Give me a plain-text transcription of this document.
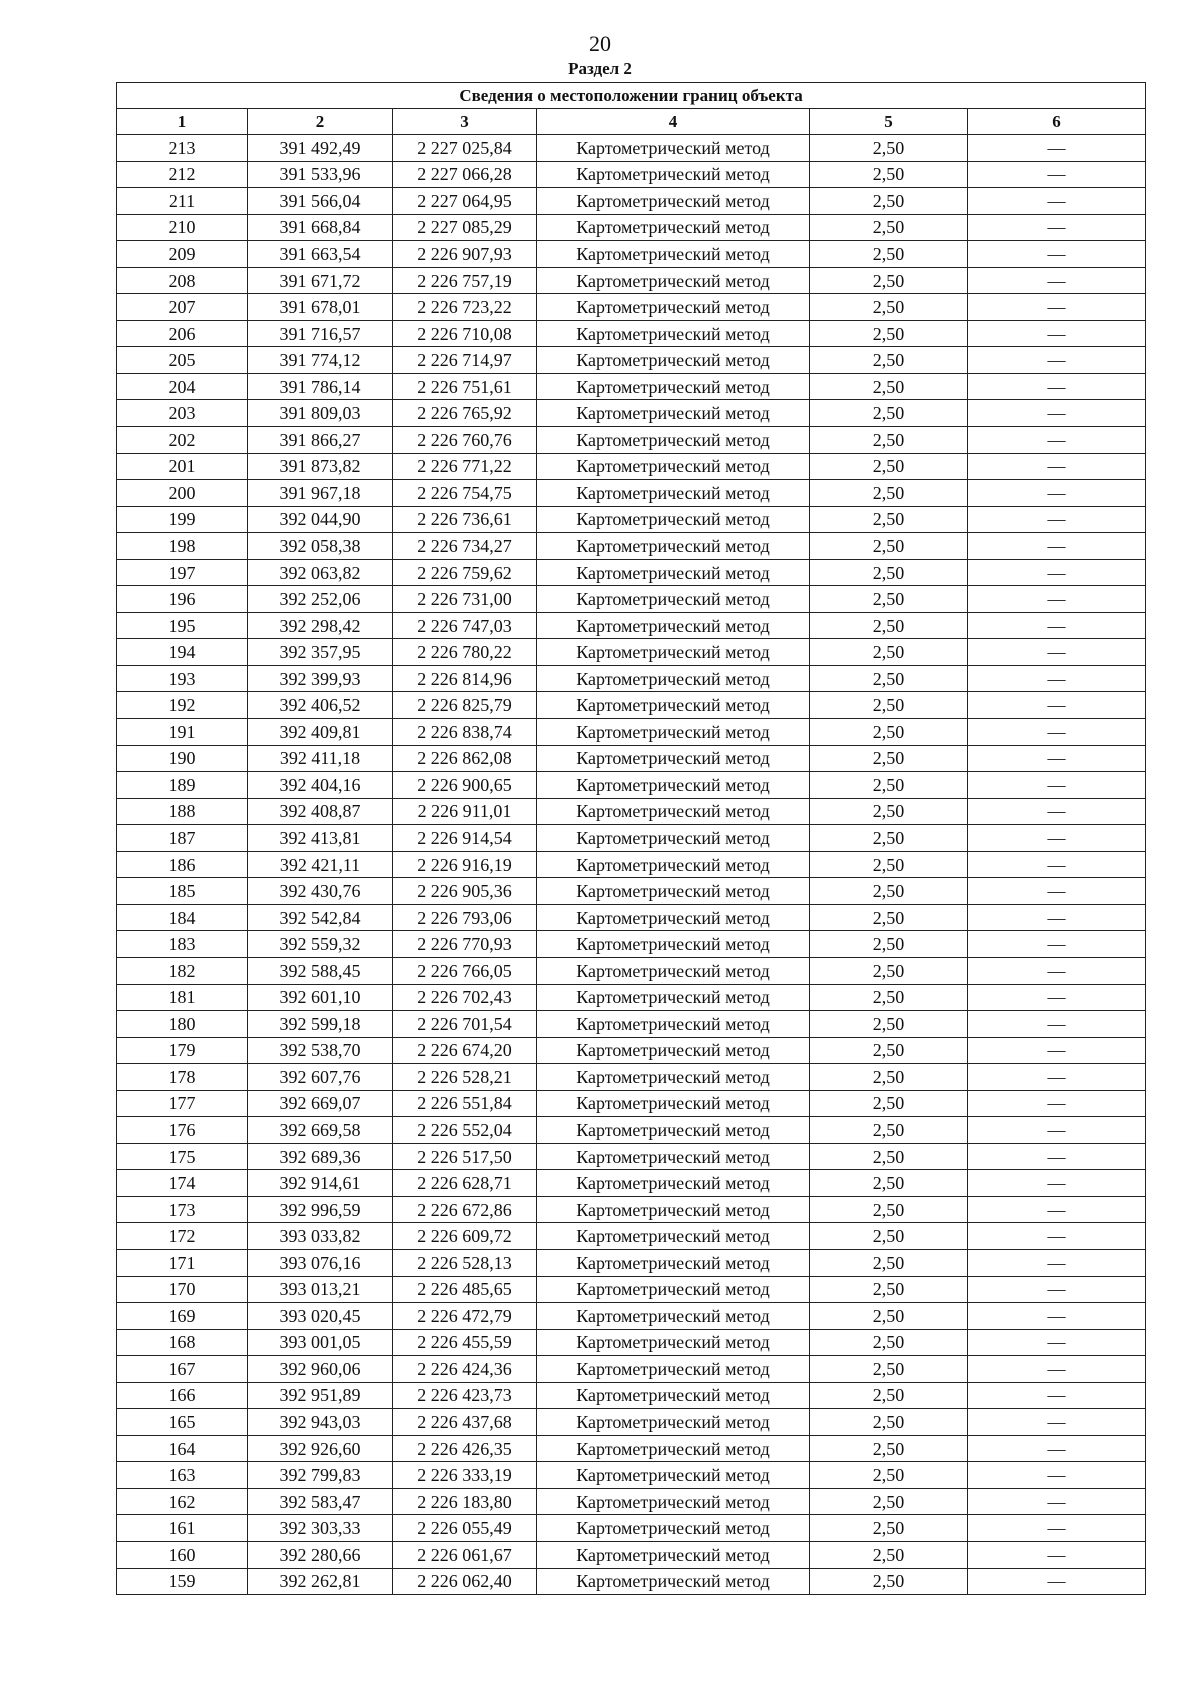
20
Раздел 2
Сведения о местоположении границ объекта					
1	2	3	4	5	6
213	391 492,49	2 227 025,84	Картометрический метод	2,50	—
212	391 533,96	2 227 066,28	Картометрический метод	2,50	—
211	391 566,04	2 227 064,95	Картометрический метод	2,50	—
210	391 668,84	2 227 085,29	Картометрический метод	2,50	—
209	391 663,54	2 226 907,93	Картометрический метод	2,50	—
208	391 671,72	2 226 757,19	Картометрический метод	2,50	—
207	391 678,01	2 226 723,22	Картометрический метод	2,50	—
206	391 716,57	2 226 710,08	Картометрический метод	2,50	—
205	391 774,12	2 226 714,97	Картометрический метод	2,50	—
204	391 786,14	2 226 751,61	Картометрический метод	2,50	—
203	391 809,03	2 226 765,92	Картометрический метод	2,50	—
202	391 866,27	2 226 760,76	Картометрический метод	2,50	—
201	391 873,82	2 226 771,22	Картометрический метод	2,50	—
200	391 967,18	2 226 754,75	Картометрический метод	2,50	—
199	392 044,90	2 226 736,61	Картометрический метод	2,50	—
198	392 058,38	2 226 734,27	Картометрический метод	2,50	—
197	392 063,82	2 226 759,62	Картометрический метод	2,50	—
196	392 252,06	2 226 731,00	Картометрический метод	2,50	—
195	392 298,42	2 226 747,03	Картометрический метод	2,50	—
194	392 357,95	2 226 780,22	Картометрический метод	2,50	—
193	392 399,93	2 226 814,96	Картометрический метод	2,50	—
192	392 406,52	2 226 825,79	Картометрический метод	2,50	—
191	392 409,81	2 226 838,74	Картометрический метод	2,50	—
190	392 411,18	2 226 862,08	Картометрический метод	2,50	—
189	392 404,16	2 226 900,65	Картометрический метод	2,50	—
188	392 408,87	2 226 911,01	Картометрический метод	2,50	—
187	392 413,81	2 226 914,54	Картометрический метод	2,50	—
186	392 421,11	2 226 916,19	Картометрический метод	2,50	—
185	392 430,76	2 226 905,36	Картометрический метод	2,50	—
184	392 542,84	2 226 793,06	Картометрический метод	2,50	—
183	392 559,32	2 226 770,93	Картометрический метод	2,50	—
182	392 588,45	2 226 766,05	Картометрический метод	2,50	—
181	392 601,10	2 226 702,43	Картометрический метод	2,50	—
180	392 599,18	2 226 701,54	Картометрический метод	2,50	—
179	392 538,70	2 226 674,20	Картометрический метод	2,50	—
178	392 607,76	2 226 528,21	Картометрический метод	2,50	—
177	392 669,07	2 226 551,84	Картометрический метод	2,50	—
176	392 669,58	2 226 552,04	Картометрический метод	2,50	—
175	392 689,36	2 226 517,50	Картометрический метод	2,50	—
174	392 914,61	2 226 628,71	Картометрический метод	2,50	—
173	392 996,59	2 226 672,86	Картометрический метод	2,50	—
172	393 033,82	2 226 609,72	Картометрический метод	2,50	—
171	393 076,16	2 226 528,13	Картометрический метод	2,50	—
170	393 013,21	2 226 485,65	Картометрический метод	2,50	—
169	393 020,45	2 226 472,79	Картометрический метод	2,50	—
168	393 001,05	2 226 455,59	Картометрический метод	2,50	—
167	392 960,06	2 226 424,36	Картометрический метод	2,50	—
166	392 951,89	2 226 423,73	Картометрический метод	2,50	—
165	392 943,03	2 226 437,68	Картометрический метод	2,50	—
164	392 926,60	2 226 426,35	Картометрический метод	2,50	—
163	392 799,83	2 226 333,19	Картометрический метод	2,50	—
162	392 583,47	2 226 183,80	Картометрический метод	2,50	—
161	392 303,33	2 226 055,49	Картометрический метод	2,50	—
160	392 280,66	2 226 061,67	Картометрический метод	2,50	—
159	392 262,81	2 226 062,40	Картометрический метод	2,50	—
